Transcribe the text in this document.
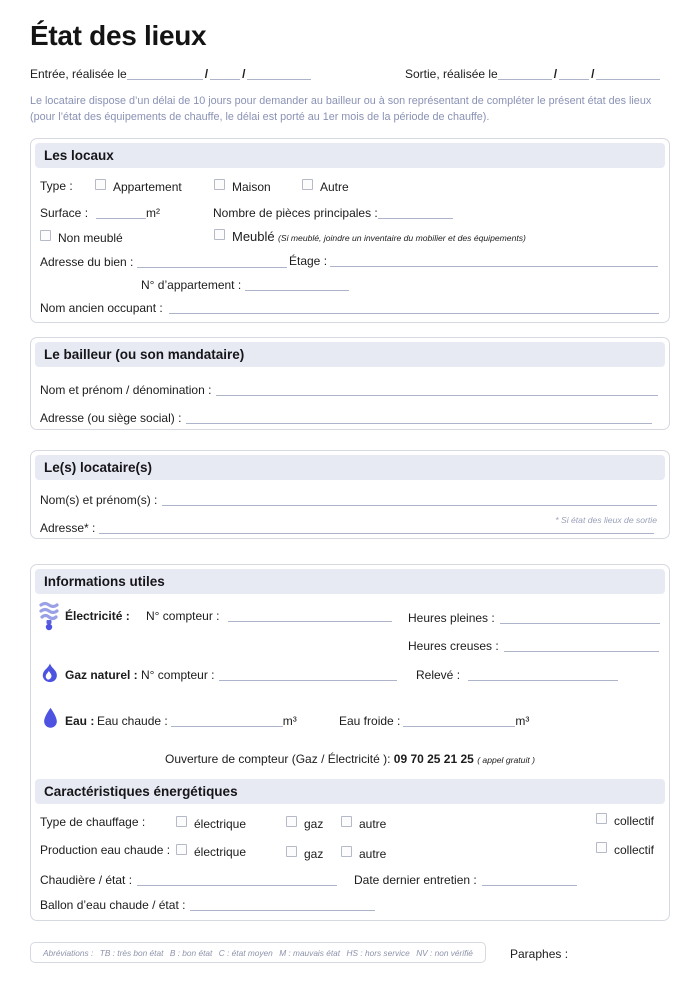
État des lieux
Entrée, réalisée le	/	/	Sortie, réalisée le	/	/
Le locataire dispose d’un délai de 10 jours pour demander au bailleur ou à son représentant de compléter le présent état des lieux (pour l’état des équipements de chauffe, le délai est porté au 1er mois de la période de chauffe).
Les locaux
Type :	Appartement	Maison	Autre
Surface :	m²	Nombre de pièces principales :
Non meublé	Meublé (Si meublé, joindre un inventaire du mobilier et des équipements)
Adresse du bien :	Étage :
N° d’appartement :
Nom ancien occupant :
Le bailleur (ou son mandataire)
Nom et prénom / dénomination :
Adresse (ou siège social) :
Le(s) locataire(s)
Nom(s) et prénom(s) :
* Si état des lieux de sortie
Adresse* :
Informations utiles
Électricité : N° compteur :	Heures pleines :
Heures creuses :
Gaz naturel : N° compteur :	Relevé :
Eau : Eau chaude :	m³	Eau froide :	m³
Ouverture de compteur (Gaz / Électricité ): 09 70 25 21 25 ( appel gratuit )
Caractéristiques énergétiques
Type de chauffage :	électrique	gaz	autre	collectif
Production eau chaude :	électrique	gaz	autre	collectif
Chaudière / état :	Date dernier entretien :
Ballon d’eau chaude / état :
Abréviations : TB : très bon état B : bon état C : état moyen M : mauvais état HS : hors service NV : non vérifié	Paraphes :
